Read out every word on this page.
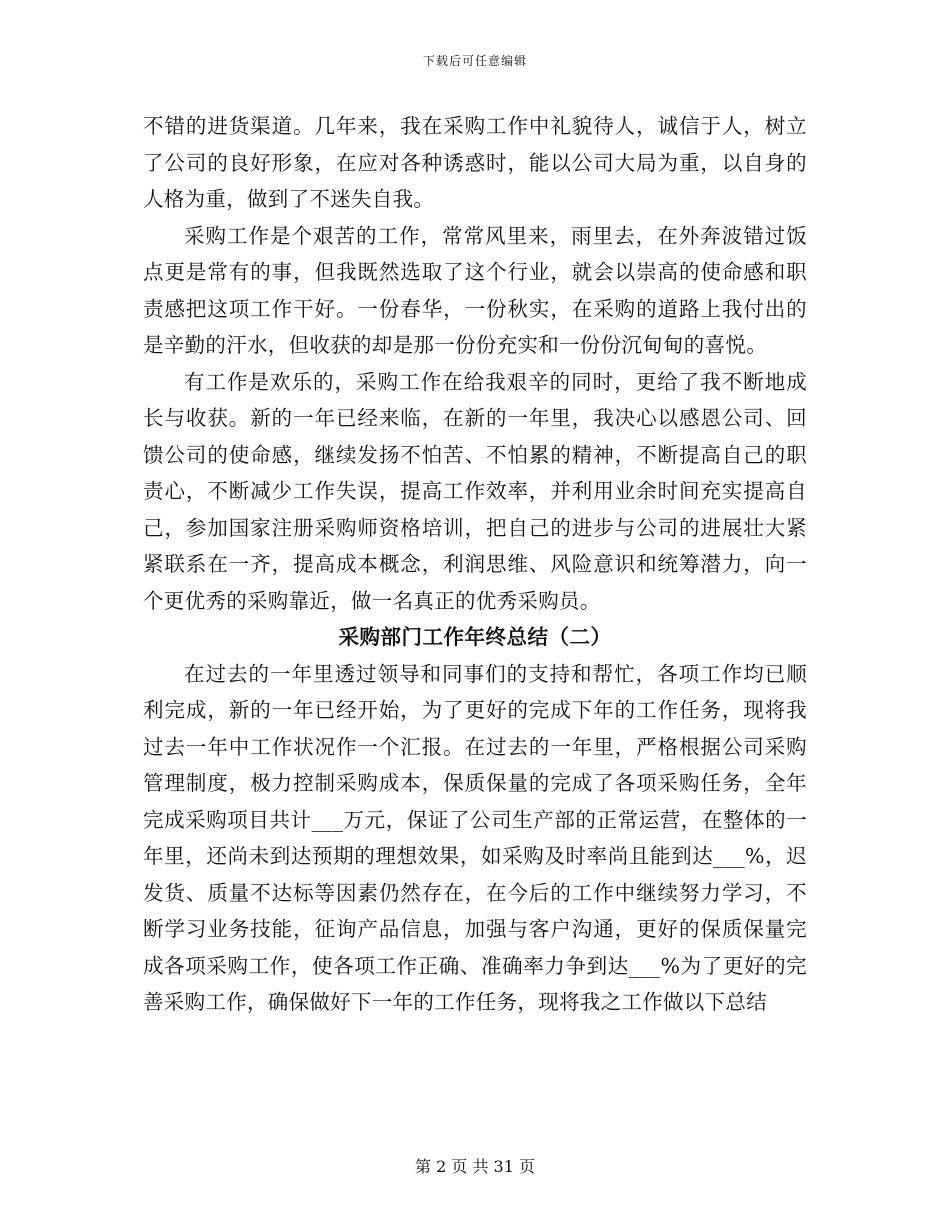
下载后可任意编辑

不错的进货渠道。几年来，我在采购工作中礼貌待人，诚信于人，树立了公司的良好形象，在应对各种诱惑时，能以公司大局为重，以自身的人格为重，做到了不迷失自我。

采购工作是个艰苦的工作，常常风里来，雨里去，在外奔波错过饭点更是常有的事，但我既然选取了这个行业，就会以崇高的使命感和职责感把这项工作干好。一份春华，一份秋实，在采购的道路上我付出的是辛勤的汗水，但收获的却是那一份份充实和一份份沉甸甸的喜悦。

有工作是欢乐的，采购工作在给我艰辛的同时，更给了我不断地成长与收获。新的一年已经来临，在新的一年里，我决心以感恩公司、回馈公司的使命感，继续发扬不怕苦、不怕累的精神，不断提高自己的职责心，不断减少工作失误，提高工作效率，并利用业余时间充实提高自己，参加国家注册采购师资格培训，把自己的进步与公司的进展壮大紧紧联系在一齐，提高成本概念，利润思维、风险意识和统筹潜力，向一个更优秀的采购靠近，做一名真正的优秀采购员。

采购部门工作年终总结（二）

在过去的一年里透过领导和同事们的支持和帮忙，各项工作均已顺利完成，新的一年已经开始，为了更好的完成下年的工作任务，现将我过去一年中工作状况作一个汇报。在过去的一年里，严格根据公司采购管理制度，极力控制采购成本，保质保量的完成了各项采购任务，全年完成采购项目共计___万元，保证了公司生产部的正常运营，在整体的一年里，还尚未到达预期的理想效果，如采购及时率尚且能到达___%，迟发货、质量不达标等因素仍然存在，在今后的工作中继续努力学习，不断学习业务技能，征询产品信息，加强与客户沟通，更好的保质保量完成各项采购工作，使各项工作正确、准确率力争到达___%为了更好的完善采购工作，确保做好下一年的工作任务，现将我之工作做以下总结

第 2 页 共 31 页
